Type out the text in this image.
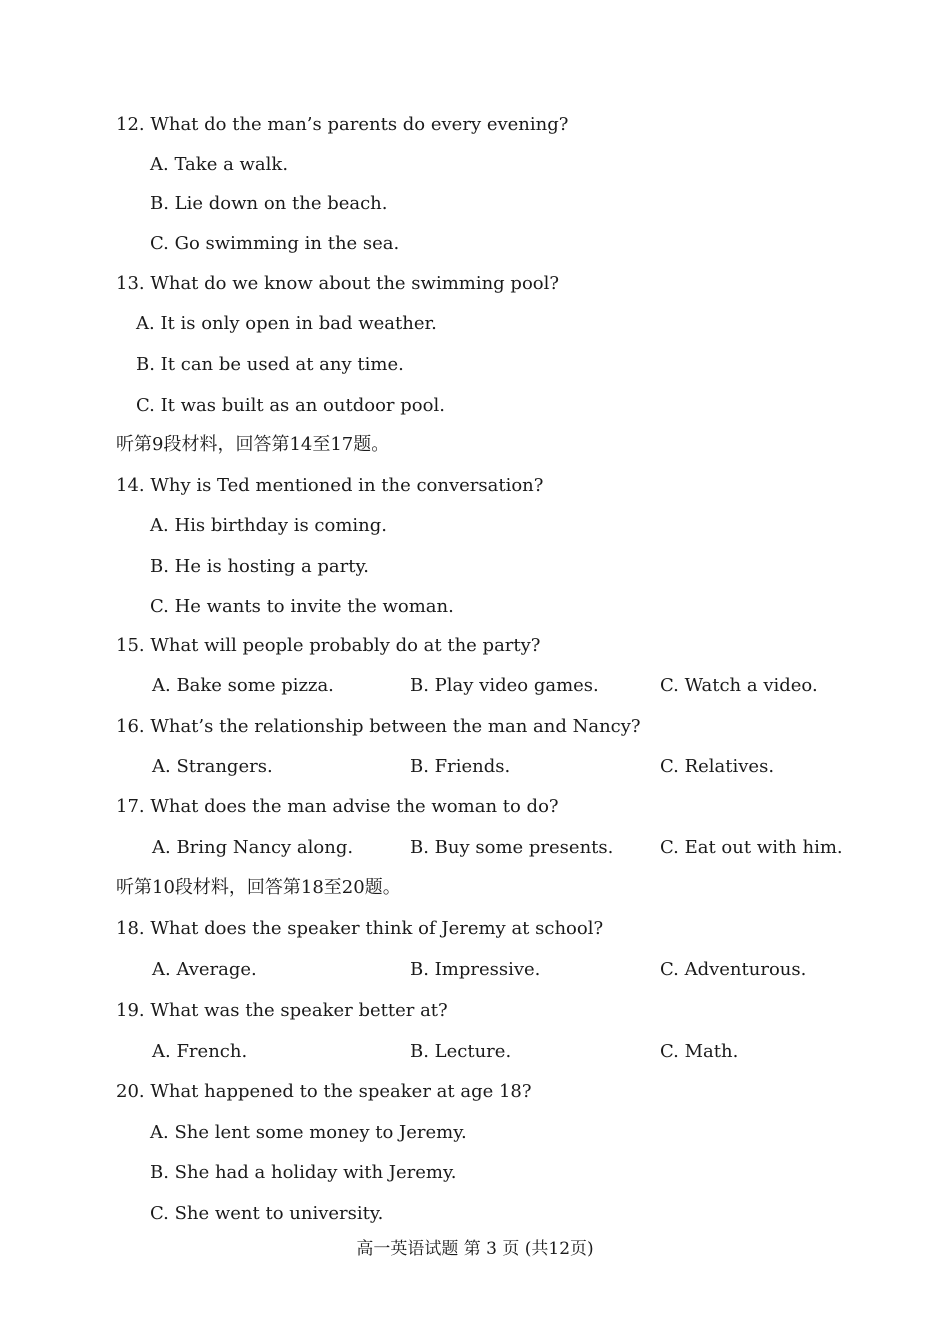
12. What do the man’s parents do every evening?
A. Take a walk.
B. Lie down on the beach.
C. Go swimming in the sea.
13. What do we know about the swimming pool?
A. It is only open in bad weather.
B. It can be used at any time.
C. It was built as an outdoor pool.
听第9段材料，回答第14至17题。
14. Why is Ted mentioned in the conversation?
A. His birthday is coming.
B. He is hosting a party.
C. He wants to invite the woman.
15. What will people probably do at the party?
A. Bake some pizza.	B. Play video games.	C. Watch a video.
16. What’s the relationship between the man and Nancy?
A. Strangers.	B. Friends.	C. Relatives.
17. What does the man advise the woman to do?
A. Bring Nancy along.	B. Buy some presents.	C. Eat out with him.
听第10段材料，回答第18至20题。
18. What does the speaker think of Jeremy at school?
A. Average.	B. Impressive.	C. Adventurous.
19. What was the speaker better at?
A. French.	B. Lecture.	C. Math.
20. What happened to the speaker at age 18?
A. She lent some money to Jeremy.
B. She had a holiday with Jeremy.
C. She went to university.
高一英语试题 第 3 页 (共12页)
